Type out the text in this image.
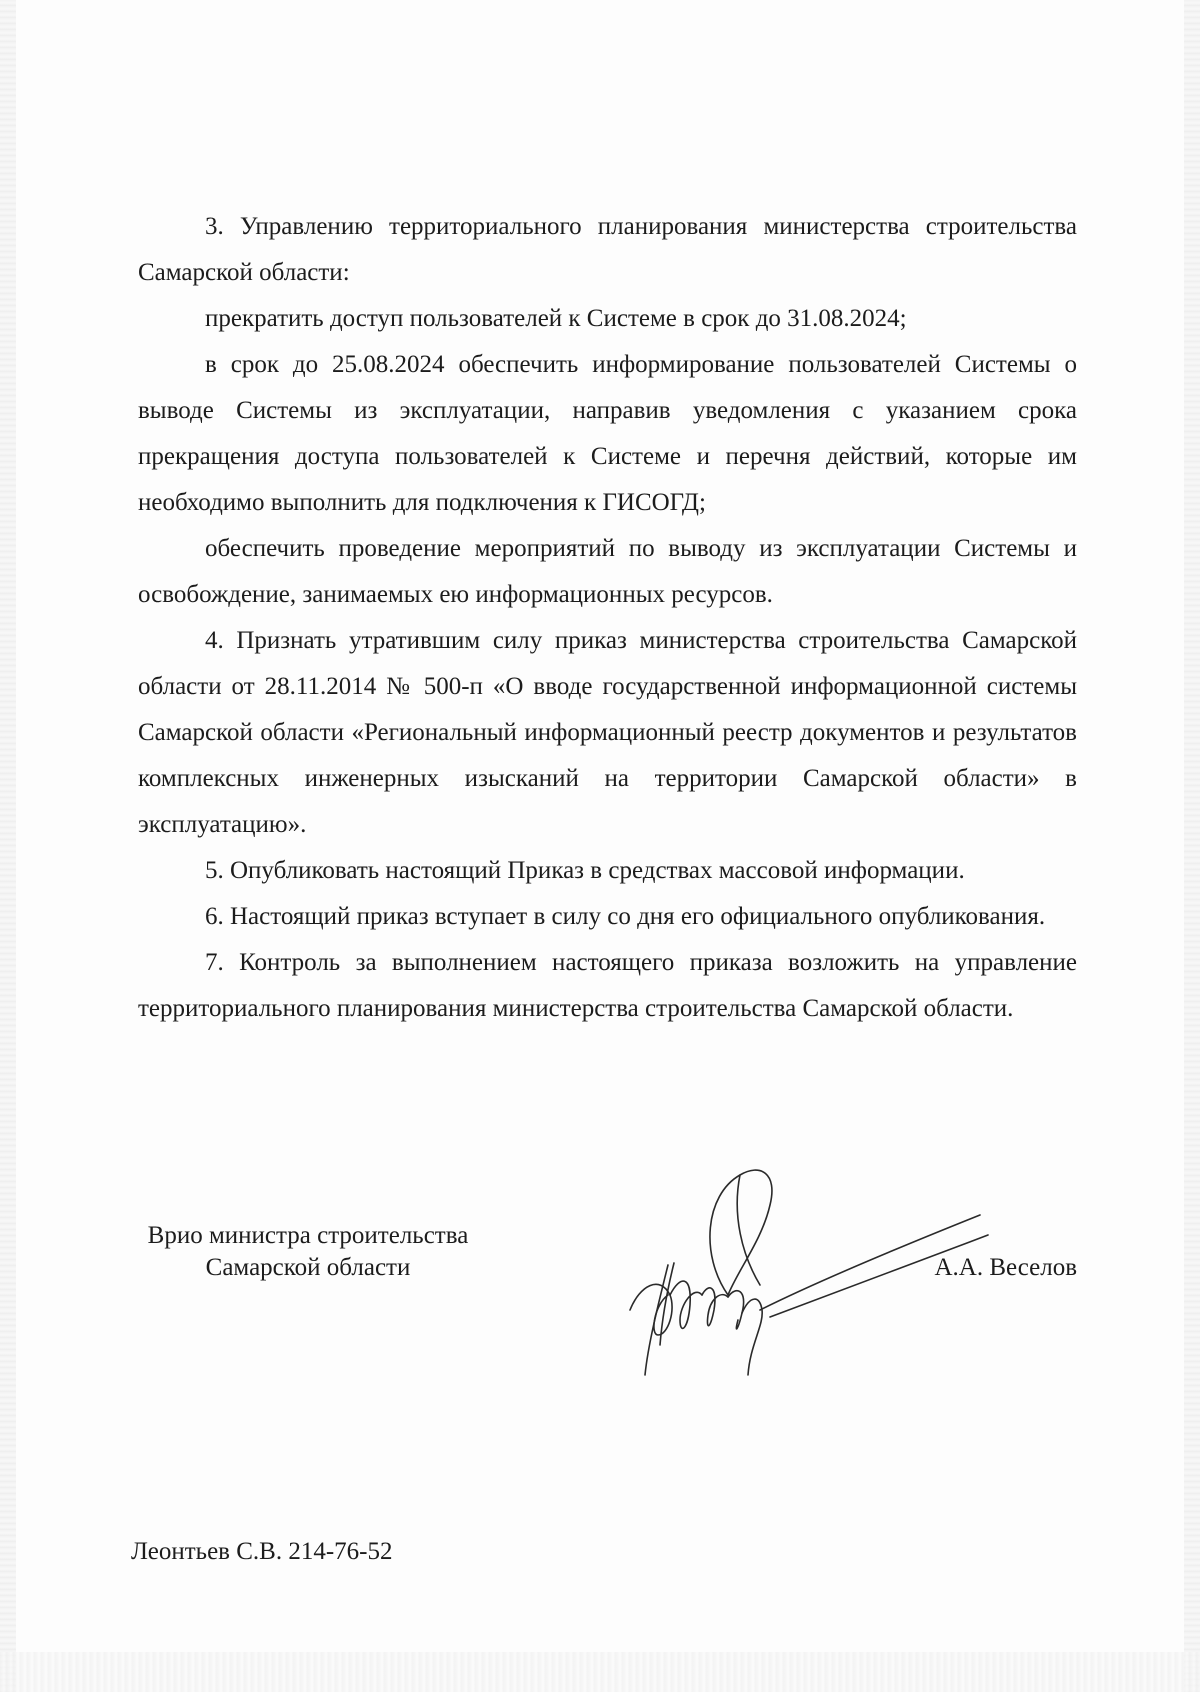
3. Управлению территориального планирования министерства строительства Самарской области:

прекратить доступ пользователей к Системе в срок до 31.08.2024;

в срок до 25.08.2024 обеспечить информирование пользователей Системы о выводе Системы из эксплуатации, направив уведомления с указанием срока прекращения доступа пользователей к Системе и перечня действий, которые им необходимо выполнить для подключения к ГИСОГД;

обеспечить проведение мероприятий по выводу из эксплуатации Системы и освобождение, занимаемых ею информационных ресурсов.

4. Признать утратившим силу приказ министерства строительства Самарской области от 28.11.2014 № 500-п «О вводе государственной информационной системы Самарской области «Региональный информационный реестр документов и результатов комплексных инженерных изысканий на территории Самарской области» в эксплуатацию».

5. Опубликовать настоящий Приказ в средствах массовой информации.

6. Настоящий приказ вступает в силу со дня его официального опубликования.

7. Контроль за выполнением настоящего приказа возложить на управление территориального планирования министерства строительства Самарской области.

Врио министра строительства
Самарской области	А.А. Веселов
Леонтьев С.В. 214-76-52
